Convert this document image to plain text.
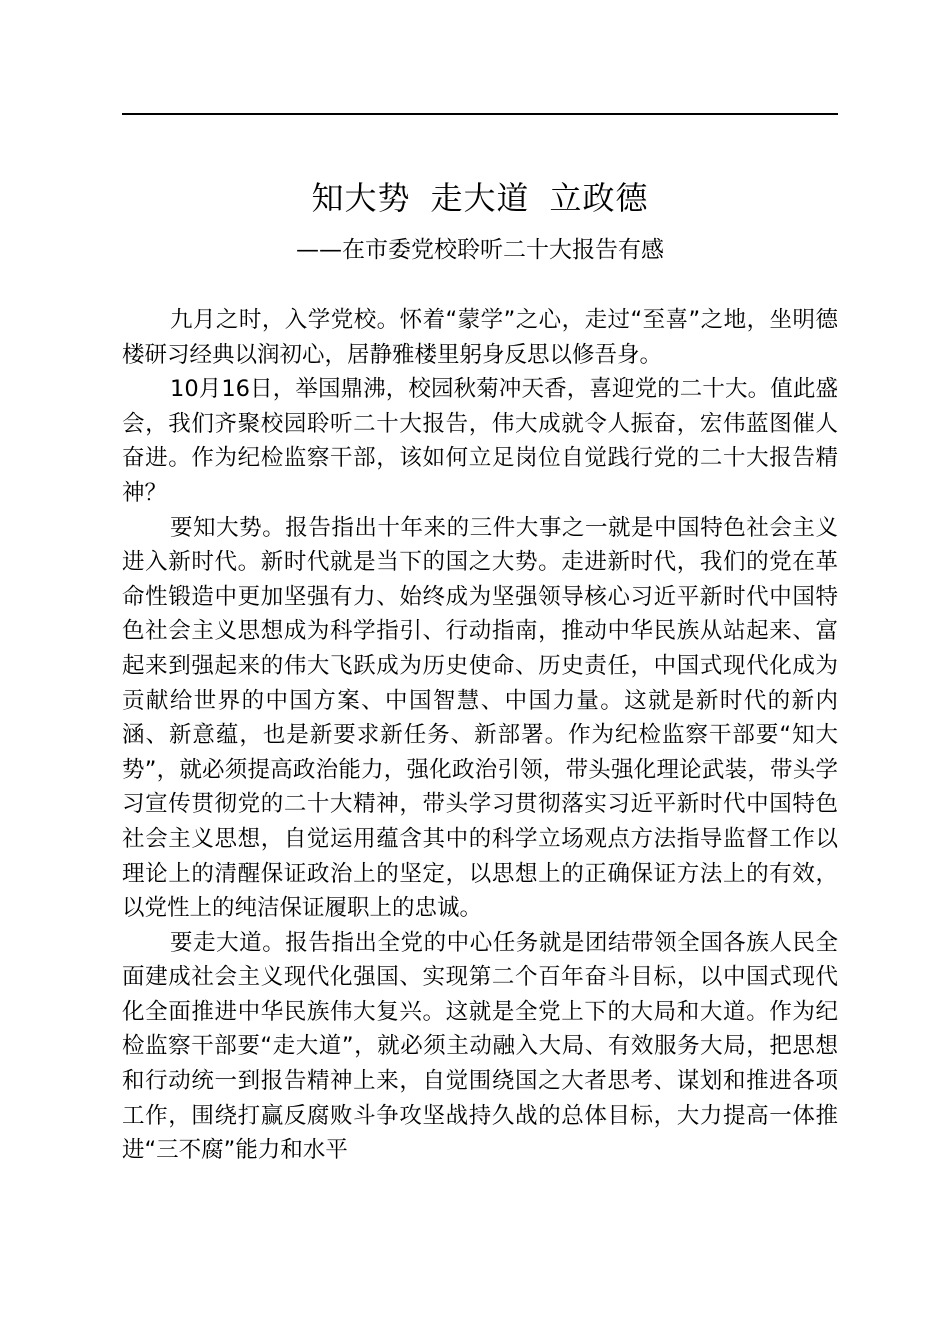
知大势 走大道 立政德
——在市委党校聆听二十大报告有感

九月之时，入学党校。怀着“蒙学”之心，走过“至喜”之地，坐明德楼研习经典以润初心，居静雅楼里躬身反思以修吾身。

10月16日，举国鼎沸，校园秋菊冲天香，喜迎党的二十大。值此盛会，我们齐聚校园聆听二十大报告，伟大成就令人振奋，宏伟蓝图催人奋进。作为纪检监察干部，该如何立足岗位自觉践行党的二十大报告精神？

要知大势。报告指出十年来的三件大事之一就是中国特色社会主义进入新时代。新时代就是当下的国之大势。走进新时代，我们的党在革命性锻造中更加坚强有力、始终成为坚强领导核心习近平新时代中国特色社会主义思想成为科学指引、行动指南，推动中华民族从站起来、富起来到强起来的伟大飞跃成为历史使命、历史责任，中国式现代化成为贡献给世界的中国方案、中国智慧、中国力量。这就是新时代的新内涵、新意蕴，也是新要求新任务、新部署。作为纪检监察干部要“知大势”，就必须提高政治能力，强化政治引领，带头强化理论武装，带头学习宣传贯彻党的二十大精神，带头学习贯彻落实习近平新时代中国特色社会主义思想，自觉运用蕴含其中的科学立场观点方法指导监督工作以理论上的清醒保证政治上的坚定，以思想上的正确保证方法上的有效，以党性上的纯洁保证履职上的忠诚。

要走大道。报告指出全党的中心任务就是团结带领全国各族人民全面建成社会主义现代化强国、实现第二个百年奋斗目标，以中国式现代化全面推进中华民族伟大复兴。这就是全党上下的大局和大道。作为纪检监察干部要“走大道”，就必须主动融入大局、有效服务大局，把思想和行动统一到报告精神上来，自觉围绕国之大者思考、谋划和推进各项工作，围绕打赢反腐败斗争攻坚战持久战的总体目标，大力提高一体推进“三不腐”能力和水平
